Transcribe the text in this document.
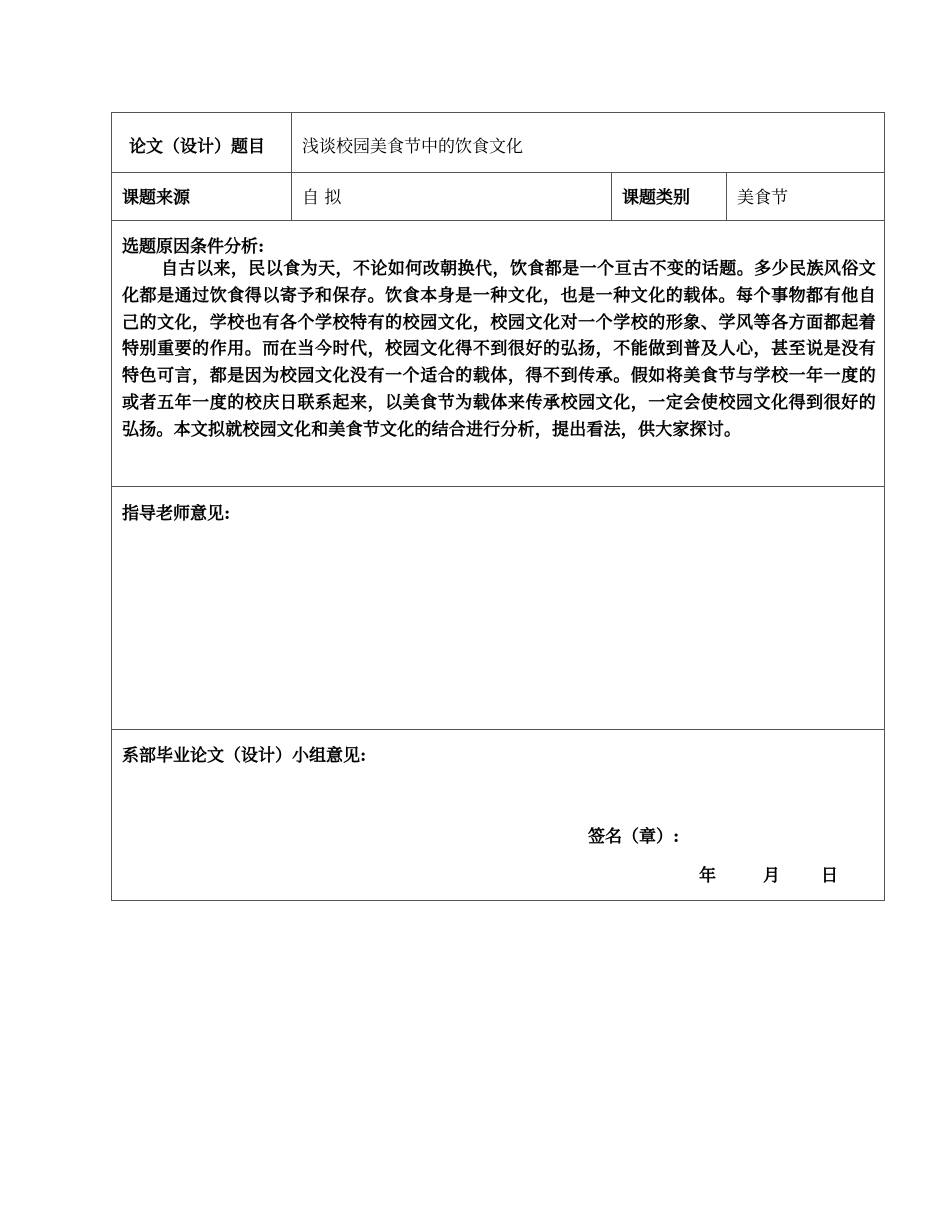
论文（设计）题目 浅谈校园美食节中的饮食文化
课题来源	自 拟	课题类别	美食节
选题原因条件分析:
自古以来，民以食为天，不论如何改朝换代，饮食都是一个亘古不变的话题。多少民族风俗文化都是通过饮食得以寄予和保存。饮食本身是一种文化，也是一种文化的载体。每个事物都有他自己的文化，学校也有各个学校特有的校园文化，校园文化对一个学校的形象、学风等各方面都起着特别重要的作用。而在当今时代，校园文化得不到很好的弘扬，不能做到普及人心，甚至说是没有特色可言，都是因为校园文化没有一个适合的载体，得不到传承。假如将美食节与学校一年一度的或者五年一度的校庆日联系起来，以美食节为载体来传承校园文化，一定会使校园文化得到很好的弘扬。本文拟就校园文化和美食节文化的结合进行分析，提出看法，供大家探讨。
指导老师意见:
系部毕业论文（设计）小组意见:
签名（章）:
年	月 日
